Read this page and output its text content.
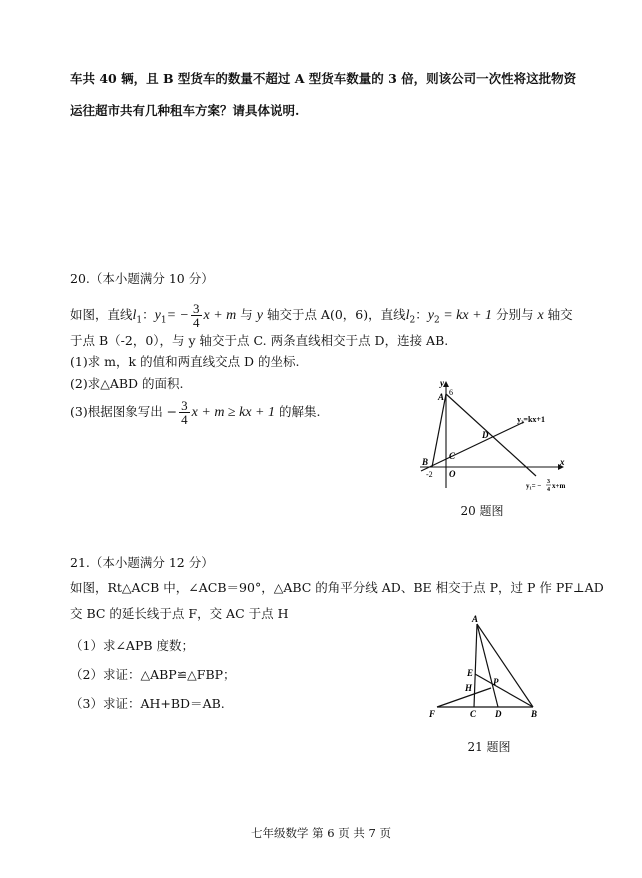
车共 40 辆，且 B 型货车的数量不超过 A 型货车数量的 3 倍，则该公司一次性将这批物资
运往超市共有几种租车方案？请具体说明.
20.（本小题满分 10 分）
如图，直线$l_1$：$y_1= - \frac{3}{4}$ x + m 与 y 轴交于点 A(0，6)，直线$l_2$：$y_2$ = kx + 1 分别与 x 轴交
于点 B（-2，0），与 y 轴交于点 C. 两条直线相交于点 D，连接 AB.
(1)求 m，k 的值和两直线交点 D 的坐标.
(2)求△ABD 的面积.
(3)根据图象写出 − $\frac{3}{4}$ x + m ≥ kx + 1 的解集.
y
A 6
y₂=kx+1
D
C
B
-2 O
x
y₁= − 3
4 x+m
20 题图
21.（本小题满分 12 分）
如图，Rt△ACB 中，∠ACB＝90°，△ABC 的角平分线 AD、BE 相交于点 P，过 P 作 PF⊥AD
交 BC 的延长线于点 F，交 AC 于点 H
（1）求∠APB 度数；
（2）求证：△ABP≌△FBP；
（3）求证：AH+BD＝AB.
A
E
H
P
F	C D	B
21 题图
七年级数学 第 6 页 共 7 页
